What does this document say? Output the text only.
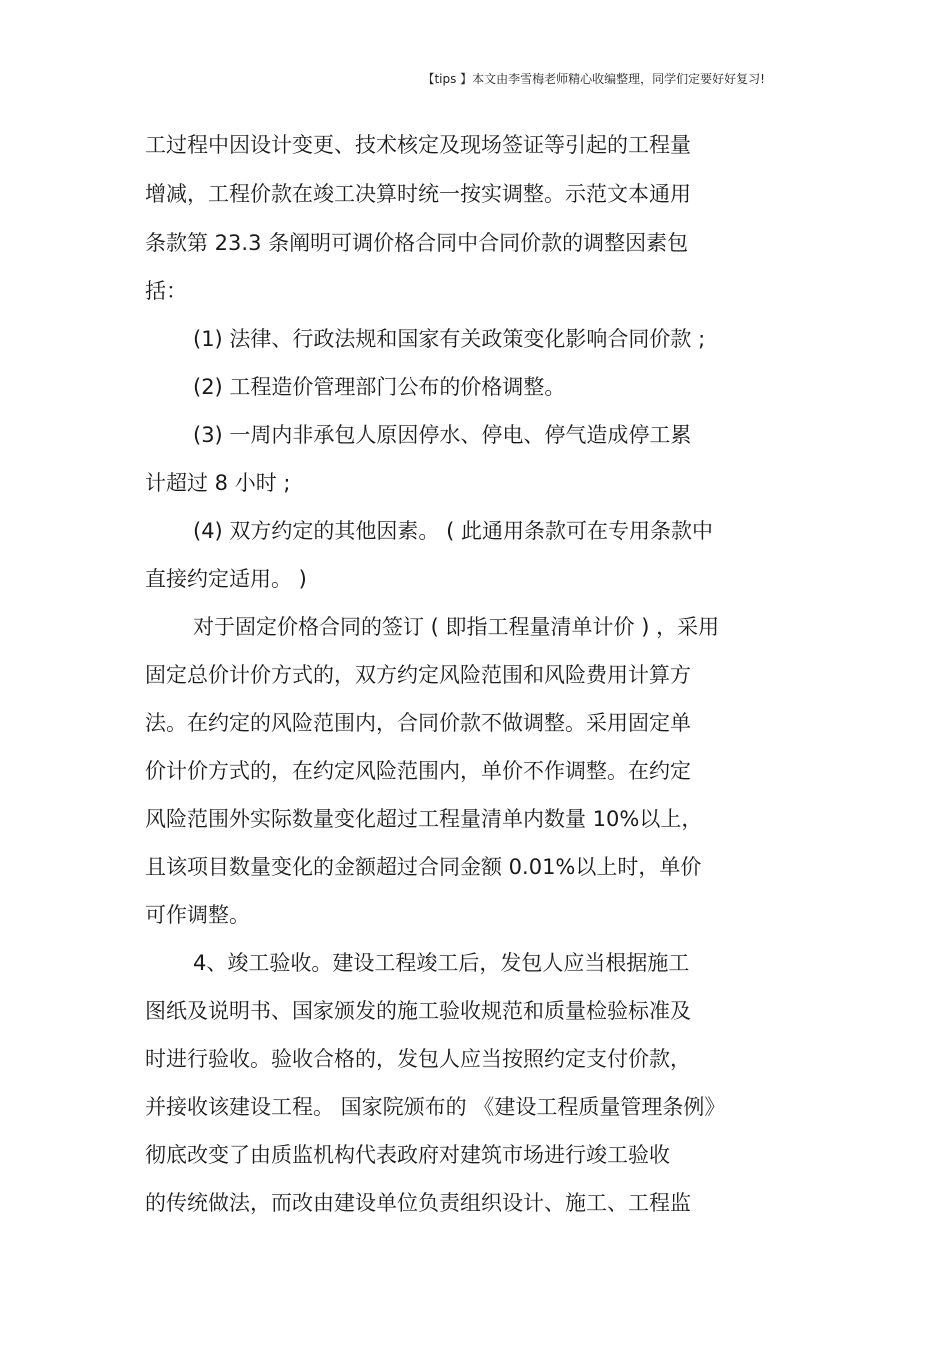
【tips 】本文由李雪梅老师精心收编整理，同学们定要好好复习!
工过程中因设计变更、技术核定及现场签证等引起的工程量
增减，工程价款在竣工决算时统一按实调整。示范文本通用
条款第 23.3 条阐明可调价格合同中合同价款的调整因素包
括：
(1) 法律、行政法规和国家有关政策变化影响合同价款 ;
(2) 工程造价管理部门公布的价格调整。
(3) 一周内非承包人原因停水、停电、停气造成停工累
计超过 8 小时 ;
(4) 双方约定的其他因素。 ( 此通用条款可在专用条款中
直接约定适用。 )
对于固定价格合同的签订 ( 即指工程量清单计价 ) ，采用
固定总价计价方式的，双方约定风险范围和风险费用计算方
法。在约定的风险范围内，合同价款不做调整。采用固定单
价计价方式的，在约定风险范围内，单价不作调整。在约定
风险范围外实际数量变化超过工程量清单内数量 10%以上，
且该项目数量变化的金额超过合同金额 0.01%以上时，单价
可作调整。
4、竣工验收。建设工程竣工后，发包人应当根据施工
图纸及说明书、国家颁发的施工验收规范和质量检验标准及
时进行验收。验收合格的，发包人应当按照约定支付价款，
并接收该建设工程。 国家院颁布的 《建设工程质量管理条例》
彻底改变了由质监机构代表政府对建筑市场进行竣工验收
的传统做法，而改由建设单位负责组织设计、施工、工程监
